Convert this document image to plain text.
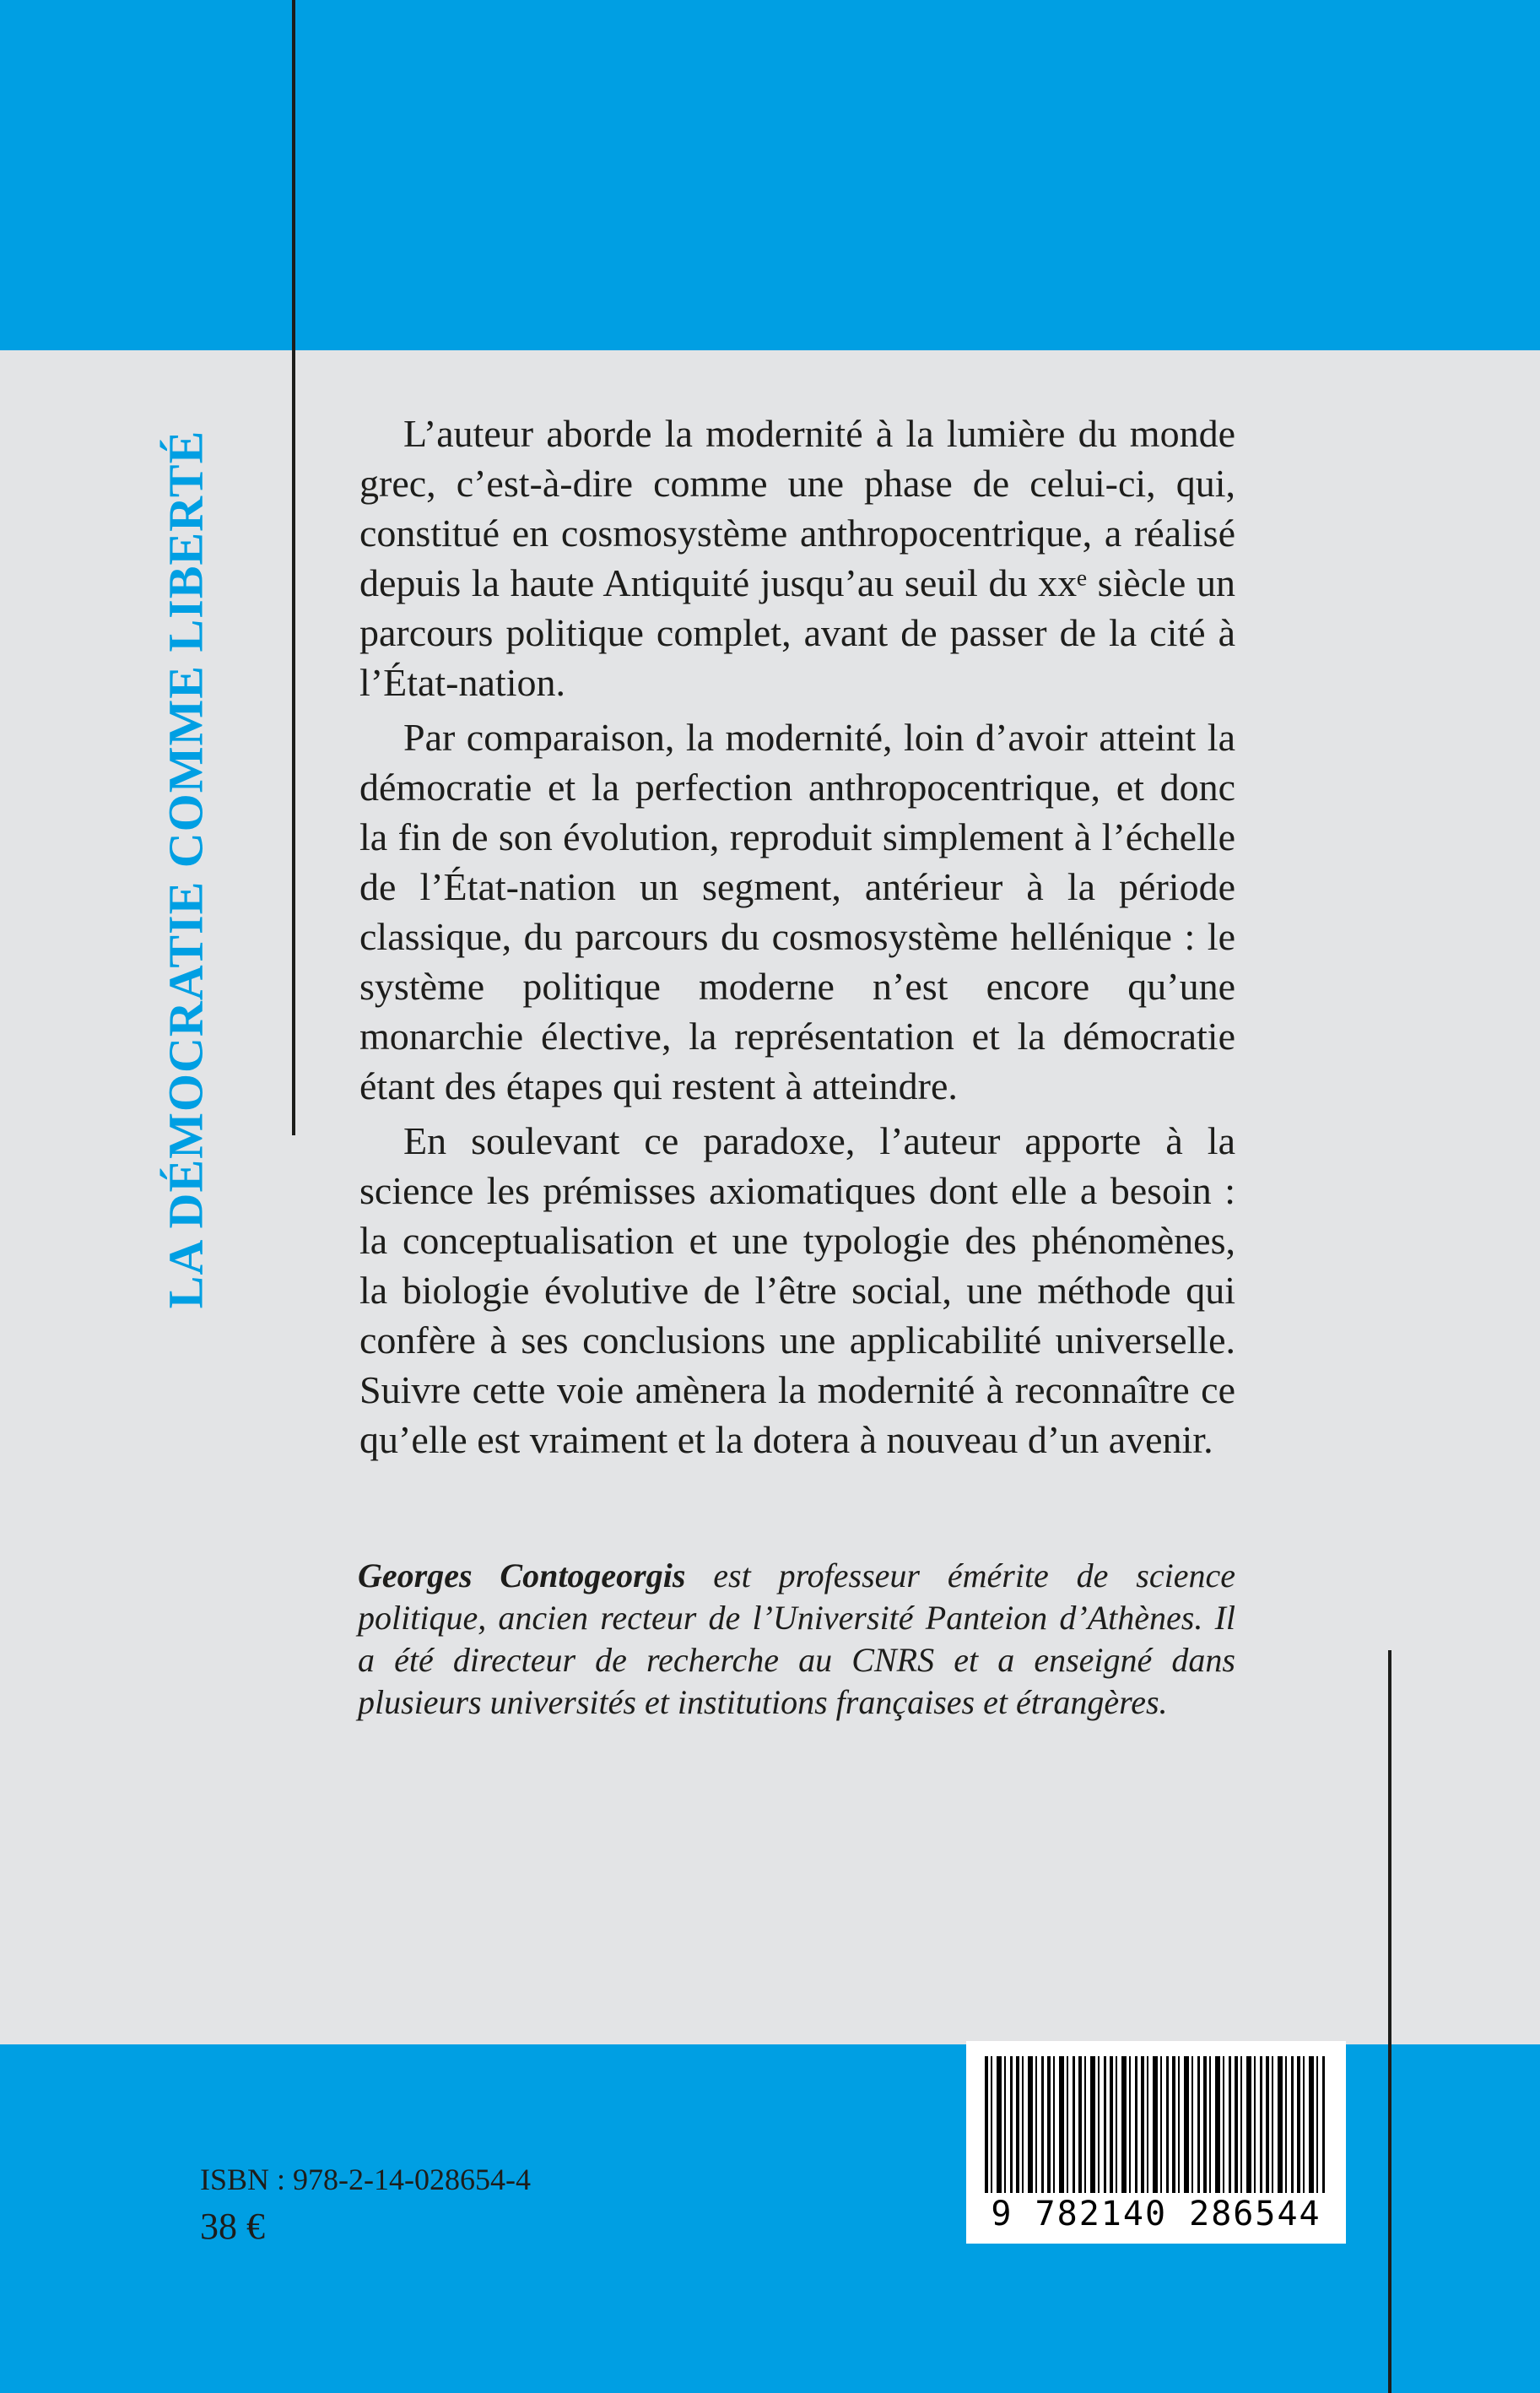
LA DÉMOCRATIE COMME LIBERTÉ	L’auteur aborde la modernité à la lumière du monde grec, c’est-à-dire comme une phase de celui-ci, qui, constitué en cosmosystème anthropocentrique, a réalisé depuis la haute Antiquité jusqu’au seuil du xxᵉ siècle un parcours politique complet, avant de passer de la cité à l’État-nation.

Par comparaison, la modernité, loin d’avoir atteint la démocratie et la perfection anthropocentrique, et donc la fin de son évolution, reproduit simplement à l’échelle de l’État-nation un segment, antérieur à la période classique, du parcours du cosmosystème hellénique : le système politique moderne n’est encore qu’une monarchie élective, la représentation et la démocratie étant des étapes qui restent à atteindre.

En soulevant ce paradoxe, l’auteur apporte à la science les prémisses axiomatiques dont elle a besoin : la conceptualisation et une typologie des phénomènes, la biologie évolutive de l’être social, une méthode qui confère à ses conclusions une applicabilité universelle. Suivre cette voie amènera la modernité à reconnaître ce qu’elle est vraiment et la dotera à nouveau d’un avenir.

Georges Contogeorgis est professeur émérite de science politique, ancien recteur de l’Université Panteion d’Athènes. Il a été directeur de recherche au CNRS et a enseigné dans plusieurs universités et institutions françaises et étrangères.

ISBN : 978-2-14-028654-4
38 €	9 782140 286544
